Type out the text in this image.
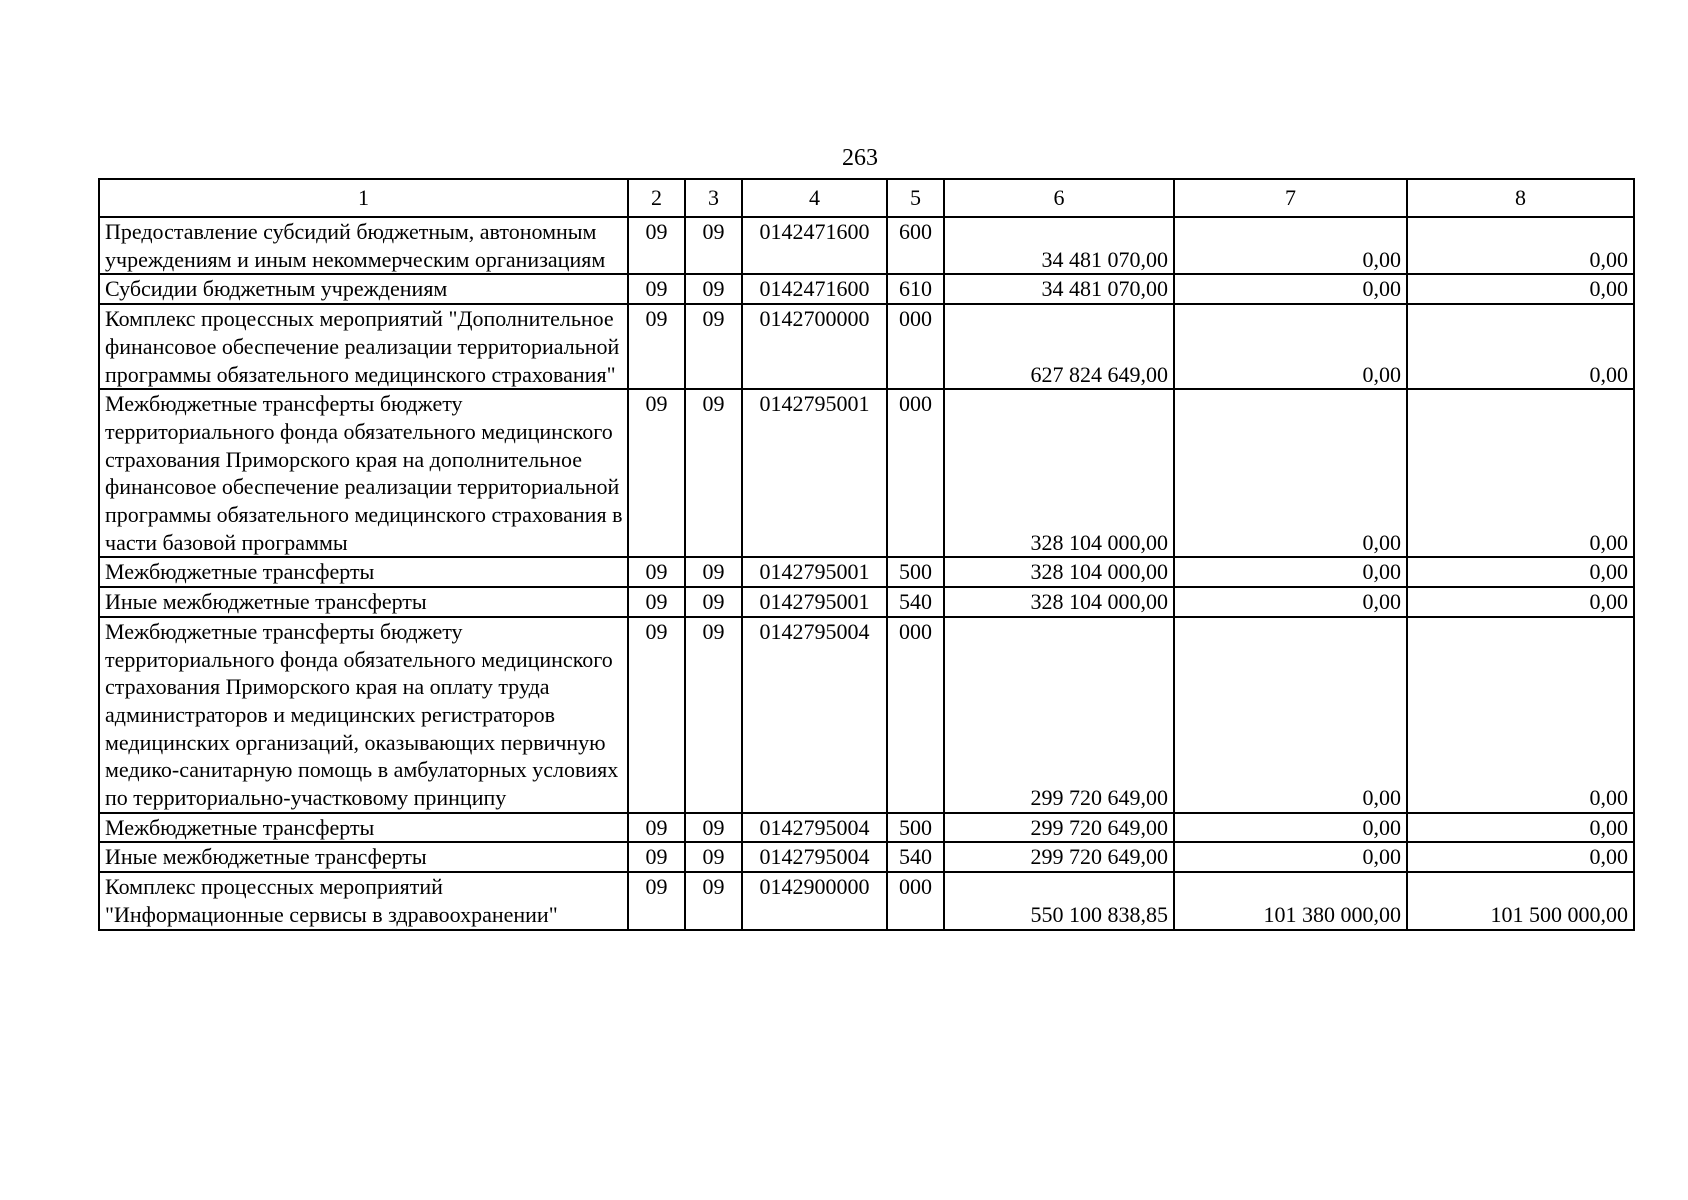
263
1	2	3	4	5	6	7	8
Предоставление субсидий бюджетным, автономным учреждениям и иным некоммерческим организациям	09	09	0142471600	600	34 481 070,00	0,00	0,00
Субсидии бюджетным учреждениям	09	09	0142471600	610	34 481 070,00	0,00	0,00
Комплекс процессных мероприятий "Дополнительное финансовое обеспечение реализации территориальной программы обязательного медицинского страхования"	09	09	0142700000	000	627 824 649,00	0,00	0,00
Межбюджетные трансферты бюджету территориального фонда обязательного медицинского страхования Приморского края на дополнительное финансовое обеспечение реализации территориальной программы обязательного медицинского страхования в части базовой программы	09	09	0142795001	000	328 104 000,00	0,00	0,00
Межбюджетные трансферты	09	09	0142795001	500	328 104 000,00	0,00	0,00
Иные межбюджетные трансферты	09	09	0142795001	540	328 104 000,00	0,00	0,00
Межбюджетные трансферты бюджету территориального фонда обязательного медицинского страхования Приморского края на оплату труда администраторов и медицинских регистраторов медицинских организаций, оказывающих первичную медико-санитарную помощь в амбулаторных условиях по территориально-участковому принципу	09	09	0142795004	000	299 720 649,00	0,00	0,00
Межбюджетные трансферты	09	09	0142795004	500	299 720 649,00	0,00	0,00
Иные межбюджетные трансферты	09	09	0142795004	540	299 720 649,00	0,00	0,00
Комплекс процессных мероприятий "Информационные сервисы в здравоохранении"	09	09	0142900000	000	550 100 838,85	101 380 000,00	101 500 000,00
